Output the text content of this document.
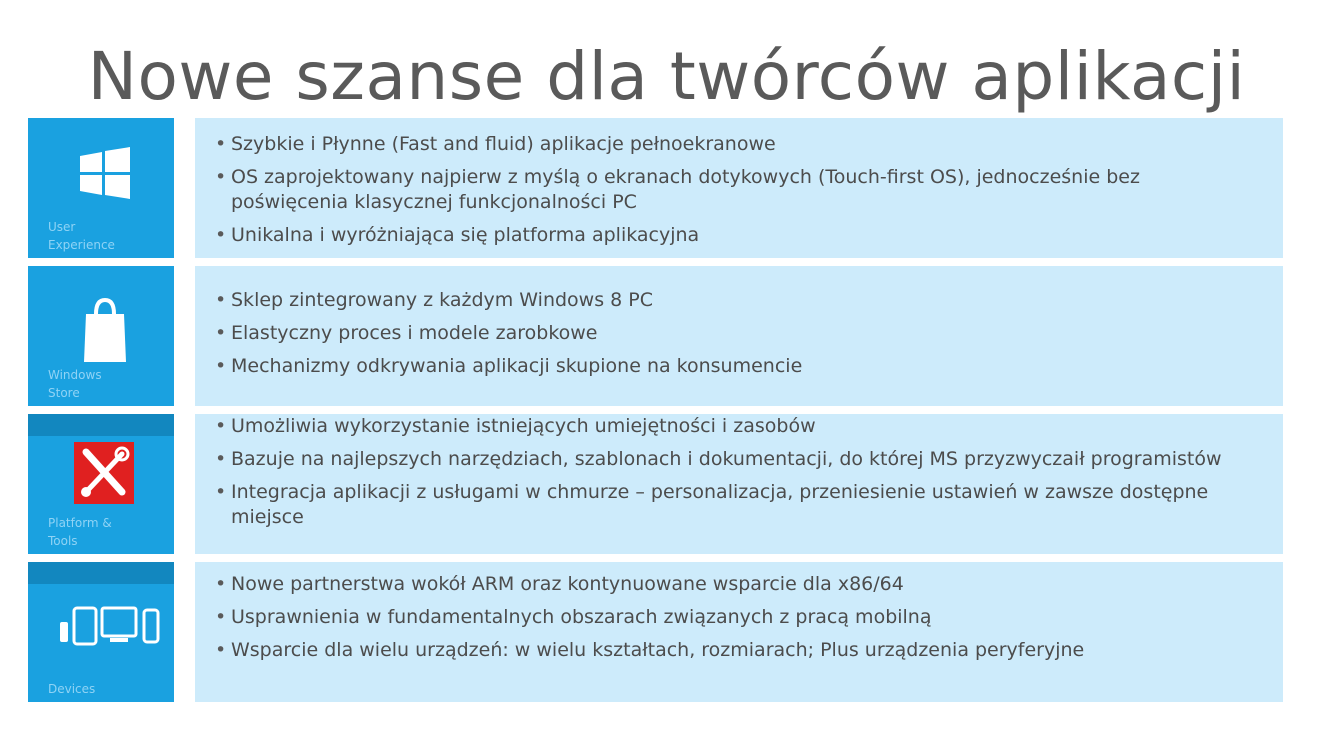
Nowe szanse dla twórców aplikacji
User
Experience
• Szybkie i Płynne (Fast and fluid) aplikacje pełnoekranowe
• OS zaprojektowany najpierw z myślą o ekranach dotykowych (Touch-first OS), jednocześnie bez poświęcenia klasycznej funkcjonalności PC
• Unikalna i wyróżniająca się platforma aplikacyjna
Windows
Store
• Sklep zintegrowany z każdym Windows 8 PC
• Elastyczny proces i modele zarobkowe
• Mechanizmy odkrywania aplikacji skupione na konsumencie
Platform &
Tools
• Umożliwia wykorzystanie istniejących umiejętności i zasobów
• Bazuje na najlepszych narzędziach, szablonach i dokumentacji, do której MS przyzwyczaił programistów
• Integracja aplikacji z usługami w chmurze – personalizacja, przeniesienie ustawień w zawsze dostępne miejsce
Devices
• Nowe partnerstwa wokół ARM oraz kontynuowane wsparcie dla x86/64
• Usprawnienia w fundamentalnych obszarach związanych z pracą mobilną
• Wsparcie dla wielu urządzeń: w wielu kształtach, rozmiarach; Plus urządzenia peryferyjne
